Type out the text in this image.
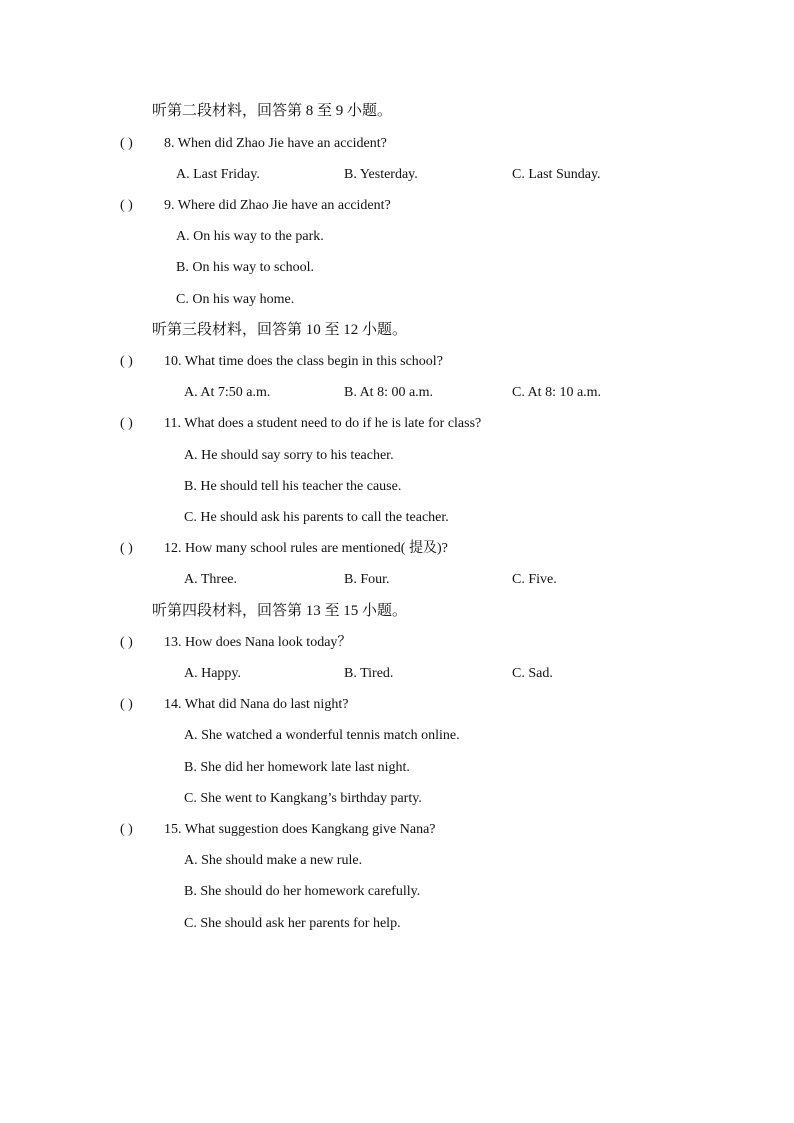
听第二段材料，回答第 8 至 9 小题。
( ) 8. When did Zhao Jie have an accident?
A. Last Friday.	B. Yesterday.	C. Last Sunday.
( ) 9. Where did Zhao Jie have an accident?
A. On his way to the park.
B. On his way to school.
C. On his way home.
听第三段材料，回答第 10 至 12 小题。
( ) 10. What time does the class begin in this school?
A. At 7:50 a.m.	B. At 8: 00 a.m.	C. At 8: 10 a.m.
( ) 11. What does a student need to do if he is late for class?
A. He should say sorry to his teacher.
B. He should tell his teacher the cause.
C. He should ask his parents to call the teacher.
( ) 12. How many school rules are mentioned( 提及)?
A. Three.	B. Four.	C. Five.
听第四段材料，回答第 13 至 15 小题。
( ) 13. How does Nana look today？
A. Happy.	B. Tired.	C. Sad.
( ) 14. What did Nana do last night?
A. She watched a wonderful tennis match online.
B. She did her homework late last night.
C. She went to Kangkang’s birthday party.
( ) 15. What suggestion does Kangkang give Nana?
A. She should make a new rule.
B. She should do her homework carefully.
C. She should ask her parents for help.
